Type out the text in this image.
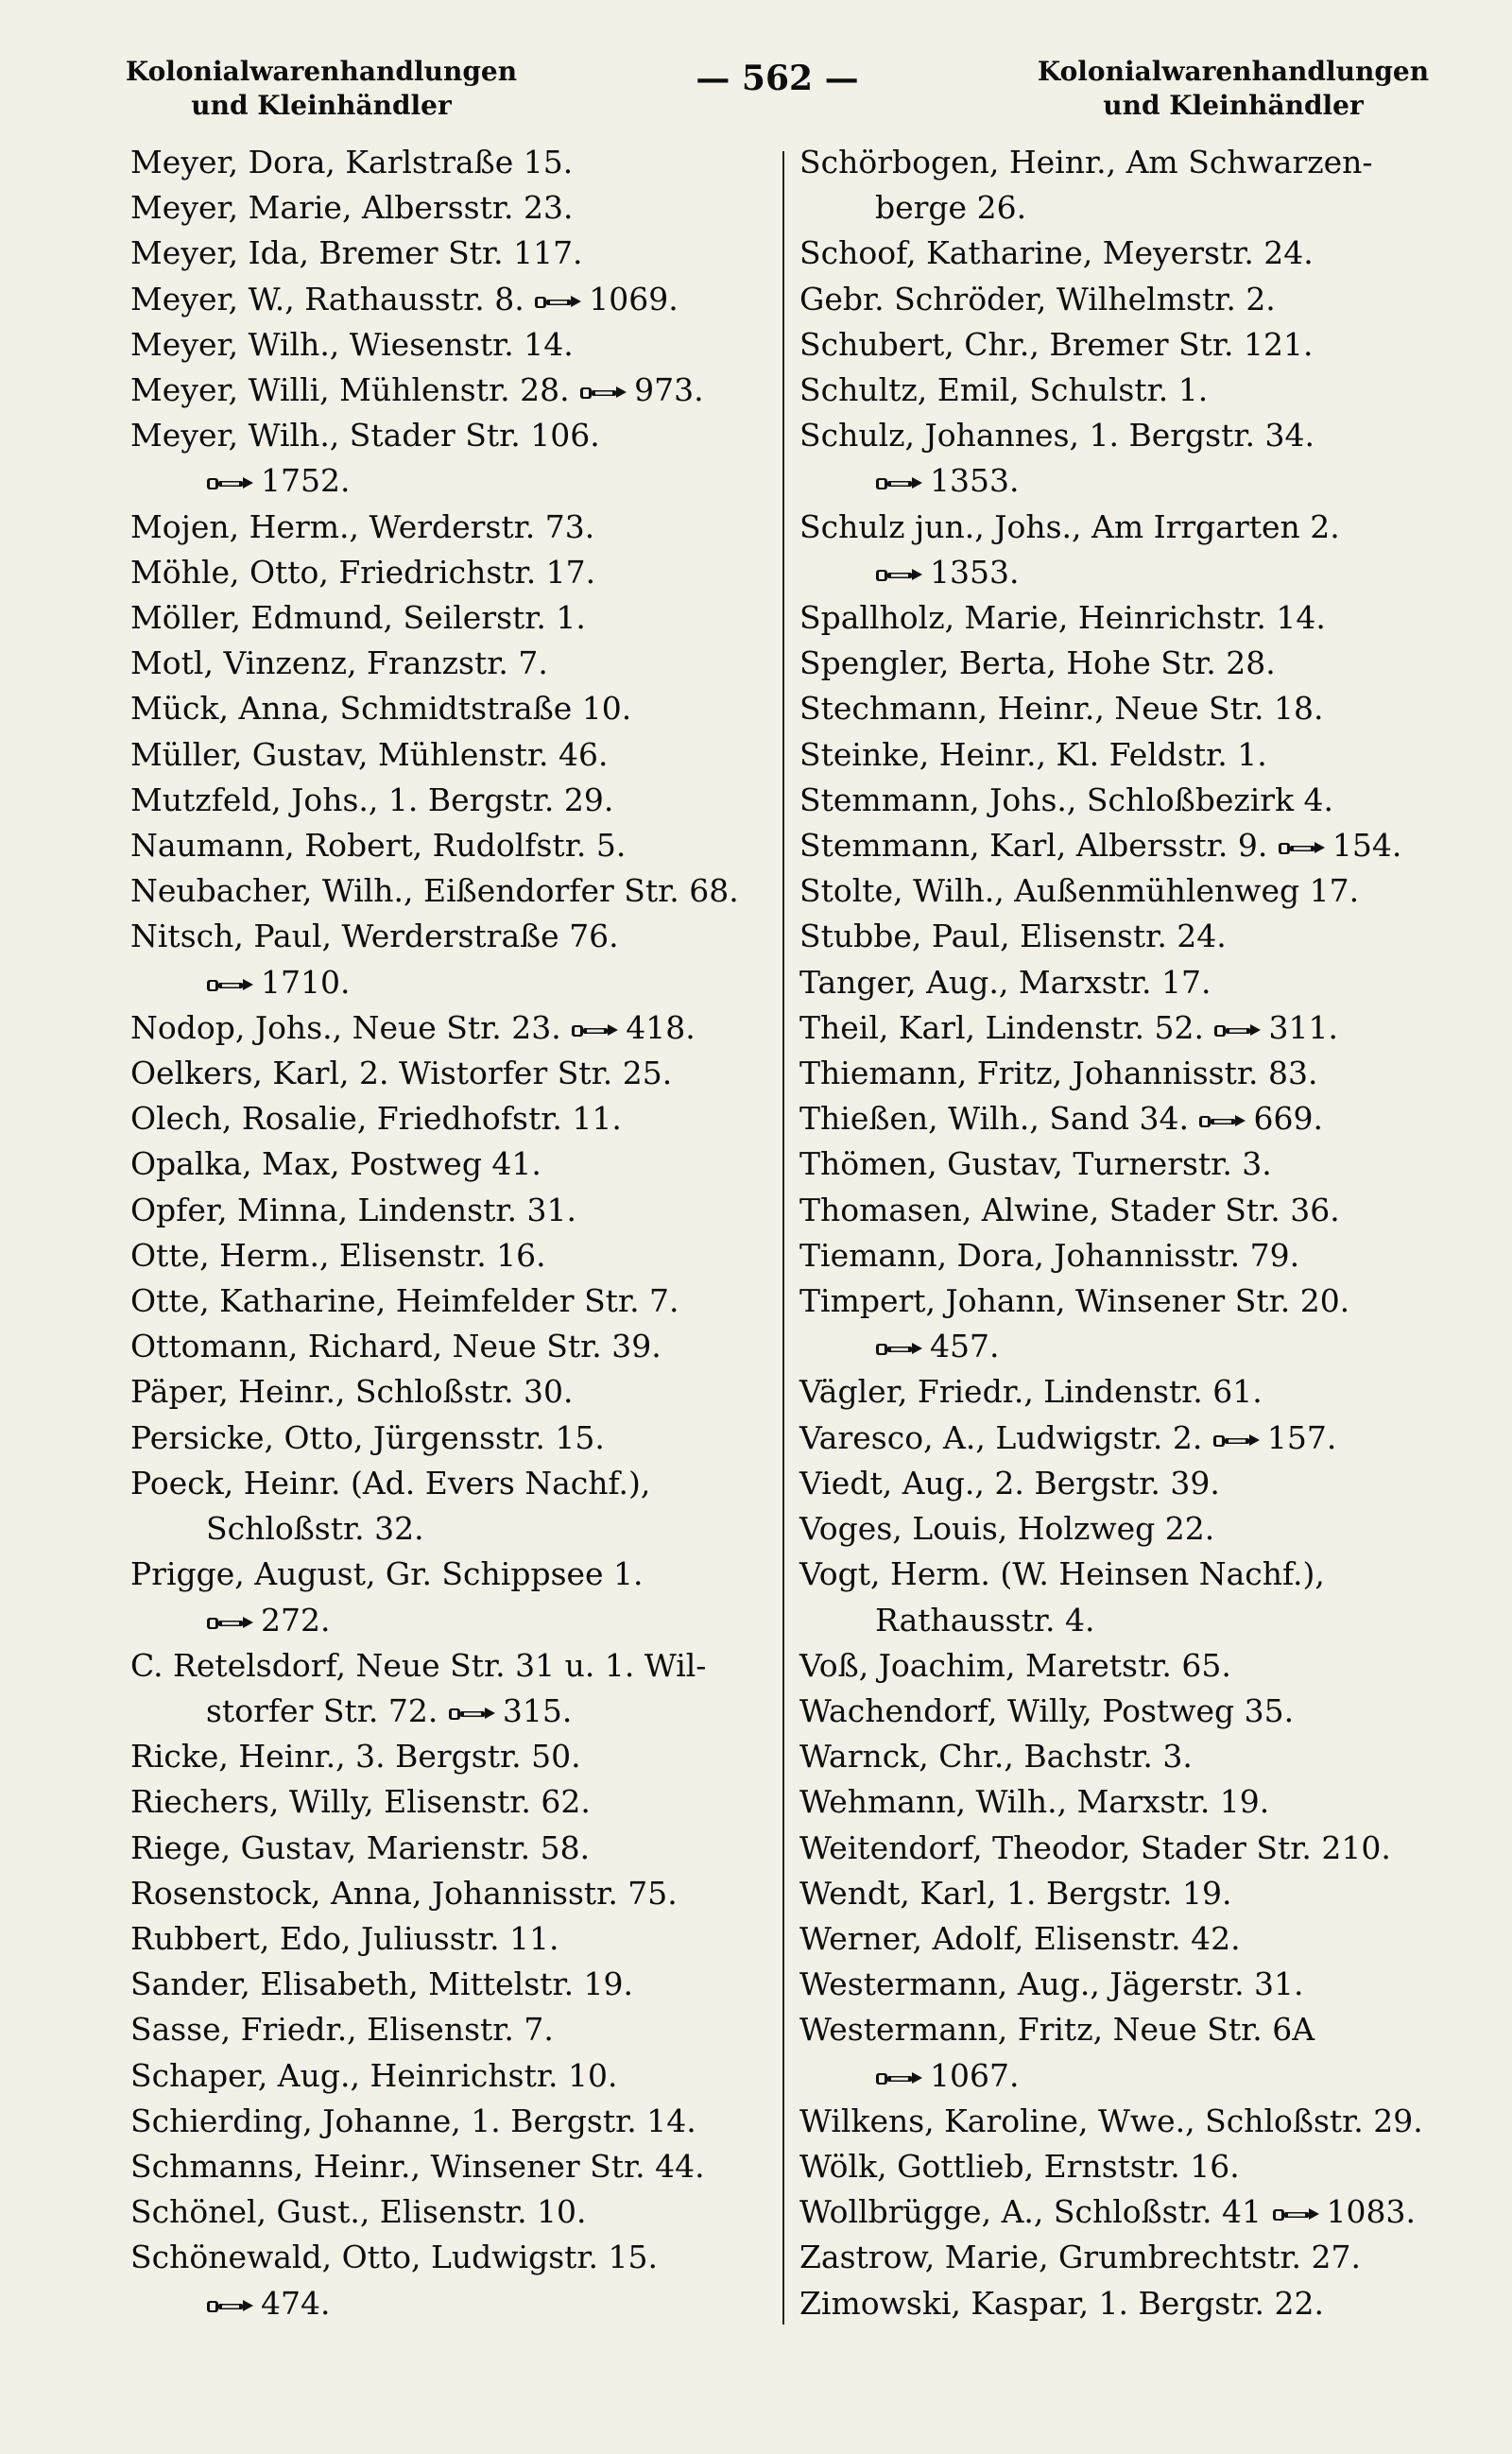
Kolonialwarenhandlungen
und Kleinhändler
— 562 —	Kolonialwarenhandlungen
und Kleinhändler

Meyer, Dora, Karlstraße 15.

Meyer, Marie, Albersstr. 23.

Meyer, Ida, Bremer Str. 117.

Meyer, W., Rathausstr. 8. 1069.

Meyer, Wilh., Wiesenstr. 14.

Meyer, Willi, Mühlenstr. 28. 973.

Meyer, Wilh., Stader Str. 106.

1752.

Mojen, Herm., Werderstr. 73.

Möhle, Otto, Friedrichstr. 17.

Möller, Edmund, Seilerstr. 1.

Motl, Vinzenz, Franzstr. 7.

Mück, Anna, Schmidtstraße 10.

Müller, Gustav, Mühlenstr. 46.

Mutzfeld, Johs., 1. Bergstr. 29.

Naumann, Robert, Rudolfstr. 5.

Neubacher, Wilh., Eißendorfer Str. 68.

Nitsch, Paul, Werderstraße 76.

1710.

Nodop, Johs., Neue Str. 23. 418.

Oelkers, Karl, 2. Wistorfer Str. 25.

Olech, Rosalie, Friedhofstr. 11.

Opalka, Max, Postweg 41.

Opfer, Minna, Lindenstr. 31.

Otte, Herm., Elisenstr. 16.

Otte, Katharine, Heimfelder Str. 7.

Ottomann, Richard, Neue Str. 39.

Päper, Heinr., Schloßstr. 30.

Persicke, Otto, Jürgensstr. 15.

Poeck, Heinr. (Ad. Evers Nachf.),

Schloßstr. 32.

Prigge, August, Gr. Schippsee 1.

272.

C. Retelsdorf, Neue Str. 31 u. 1. Wil-

storfer Str. 72. 315.

Ricke, Heinr., 3. Bergstr. 50.

Riechers, Willy, Elisenstr. 62.

Riege, Gustav, Marienstr. 58.

Rosenstock, Anna, Johannisstr. 75.

Rubbert, Edo, Juliusstr. 11.

Sander, Elisabeth, Mittelstr. 19.

Sasse, Friedr., Elisenstr. 7.

Schaper, Aug., Heinrichstr. 10.

Schierding, Johanne, 1. Bergstr. 14.

Schmanns, Heinr., Winsener Str. 44.

Schönel, Gust., Elisenstr. 10.

Schönewald, Otto, Ludwigstr. 15.

474.

Schörbogen, Heinr., Am Schwarzen-

berge 26.

Schoof, Katharine, Meyerstr. 24.

Gebr. Schröder, Wilhelmstr. 2.

Schubert, Chr., Bremer Str. 121.

Schultz, Emil, Schulstr. 1.

Schulz, Johannes, 1. Bergstr. 34.

1353.

Schulz jun., Johs., Am Irrgarten 2.

1353.

Spallholz, Marie, Heinrichstr. 14.

Spengler, Berta, Hohe Str. 28.

Stechmann, Heinr., Neue Str. 18.

Steinke, Heinr., Kl. Feldstr. 1.

Stemmann, Johs., Schloßbezirk 4.

Stemmann, Karl, Albersstr. 9. 154.

Stolte, Wilh., Außenmühlenweg 17.

Stubbe, Paul, Elisenstr. 24.

Tanger, Aug., Marxstr. 17.

Theil, Karl, Lindenstr. 52. 311.

Thiemann, Fritz, Johannisstr. 83.

Thießen, Wilh., Sand 34. 669.

Thömen, Gustav, Turnerstr. 3.

Thomasen, Alwine, Stader Str. 36.

Tiemann, Dora, Johannisstr. 79.

Timpert, Johann, Winsener Str. 20.

457.

Vägler, Friedr., Lindenstr. 61.

Varesco, A., Ludwigstr. 2. 157.

Viedt, Aug., 2. Bergstr. 39.

Voges, Louis, Holzweg 22.

Vogt, Herm. (W. Heinsen Nachf.),

Rathausstr. 4.

Voß, Joachim, Maretstr. 65.

Wachendorf, Willy, Postweg 35.

Warnck, Chr., Bachstr. 3.

Wehmann, Wilh., Marxstr. 19.

Weitendorf, Theodor, Stader Str. 210.

Wendt, Karl, 1. Bergstr. 19.

Werner, Adolf, Elisenstr. 42.

Westermann, Aug., Jägerstr. 31.

Westermann, Fritz, Neue Str. 6A

1067.

Wilkens, Karoline, Wwe., Schloßstr. 29.

Wölk, Gottlieb, Ernststr. 16.

Wollbrügge, A., Schloßstr. 41 1083.

Zastrow, Marie, Grumbrechtstr. 27.

Zimowski, Kaspar, 1. Bergstr. 22.
